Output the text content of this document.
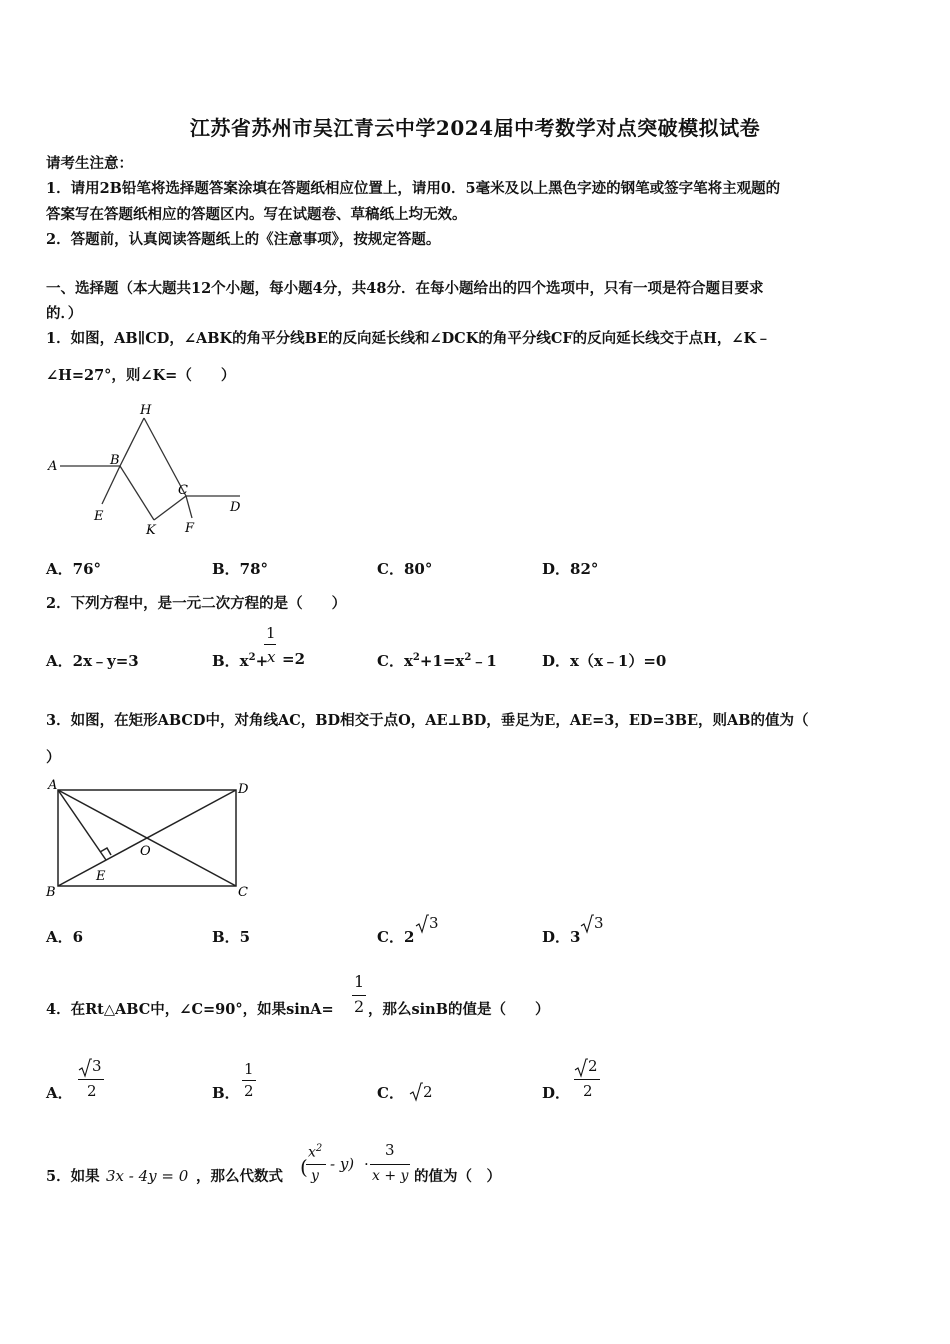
江苏省苏州市吴江青云中学2024届中考数学对点突破模拟试卷
请考生注意：
1．请用2B铅笔将选择题答案涂填在答题纸相应位置上，请用0．5毫米及以上黑色字迹的钢笔或签字笔将主观题的
答案写在答题纸相应的答题区内。写在试题卷、草稿纸上均无效。
2．答题前，认真阅读答题纸上的《注意事项》，按规定答题。
一、选择题（本大题共12个小题，每小题4分，共48分．在每小题给出的四个选项中，只有一项是符合题目要求
的．）
1．如图，AB∥CD，∠ABK的角平分线BE的反向延长线和∠DCK的角平分线CF的反向延长线交于点H，∠K﹣
∠H=27°，则∠K=（　　）
H
A	B
C
D
E
K F
A．76°	B．78°	C．80°	D．82°
2．下列方程中，是一元二次方程的是（　　）
A．2x﹣y=3	B．$x^2+$
1
x =2	C．$x^2+1=x^2﹣1$	D．x（x﹣1）=0
3．如图，在矩形ABCD中，对角线AC，BD相交于点O，AE⊥BD，垂足为E，AE=3，ED=3BE，则AB的值为（
）
A	D
B	C
O
E
A．6	B．5	C．2
3
D．3
3
4．在Rt△ABC中，∠C=90°，如果sinA=
1
2 ，那么sinB的值是（　　）
A．
3
2	B．
1
2	C． 2	D．
2
2
5．如果 3x - 4y = 0 ，那么代数式 (
$x^2$
y
- y) ·
3
x + y 的值为（　）
